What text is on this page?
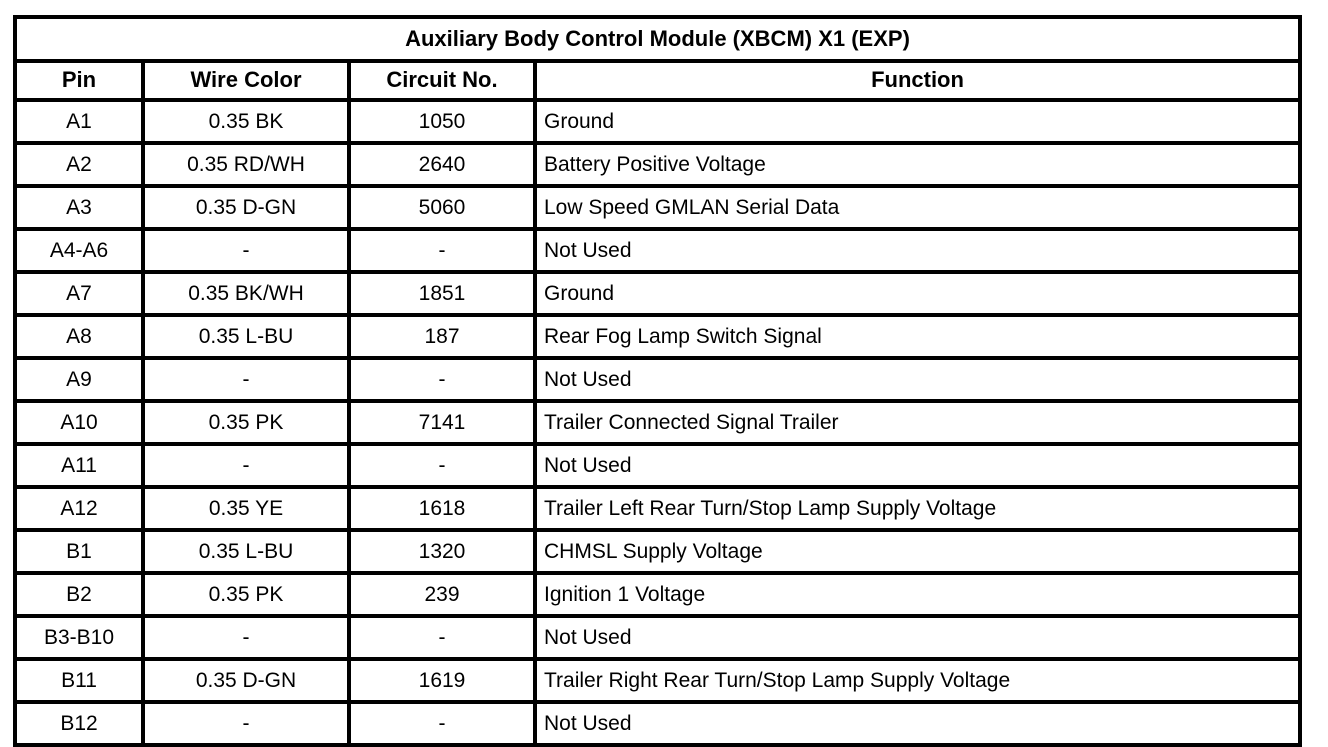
Auxiliary Body Control Module (XBCM) X1 (EXP)			
Pin	Wire Color	Circuit No.	Function
A1	0.35 BK	1050	Ground
A2	0.35 RD/WH	2640	Battery Positive Voltage
A3	0.35 D-GN	5060	Low Speed GMLAN Serial Data
A4-A6	-	-	Not Used
A7	0.35 BK/WH	1851	Ground
A8	0.35 L-BU	187	Rear Fog Lamp Switch Signal
A9	-	-	Not Used
A10	0.35 PK	7141	Trailer Connected Signal Trailer
A11	-	-	Not Used
A12	0.35 YE	1618	Trailer Left Rear Turn/Stop Lamp Supply Voltage
B1	0.35 L-BU	1320	CHMSL Supply Voltage
B2	0.35 PK	239	Ignition 1 Voltage
B3-B10	-	-	Not Used
B11	0.35 D-GN	1619	Trailer Right Rear Turn/Stop Lamp Supply Voltage
B12	-	-	Not Used
